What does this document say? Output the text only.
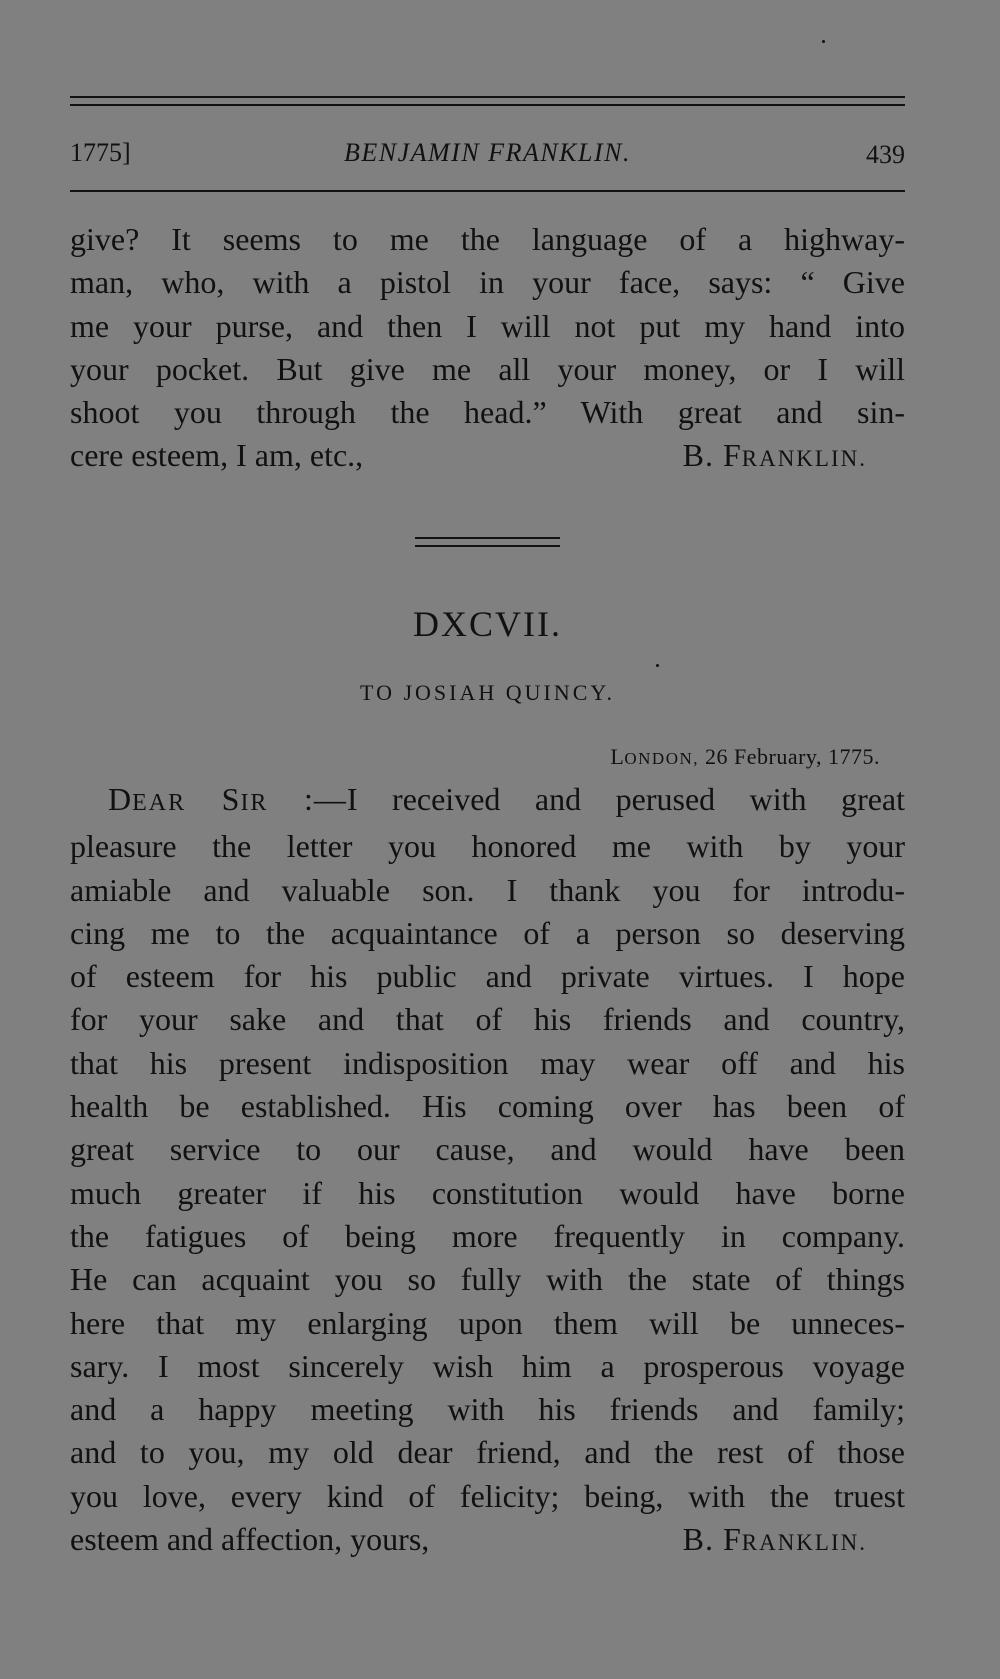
1775]	BENJAMIN FRANKLIN.	439

give? It seems to me the language of a highway-

man, who, with a pistol in your face, says: “ Give

me your purse, and then I will not put my hand into

your pocket. But give me all your money, or I will

shoot you through the head.” With great and sin-

cere esteem, I am, etc.,	B. FRANKLIN.

DXCVII.
TO JOSIAH QUINCY.
LONDON, 26 February, 1775.

DEAR SIR :—I received and perused with great

pleasure the letter you honored me with by your

amiable and valuable son. I thank you for introdu-

cing me to the acquaintance of a person so deserving

of esteem for his public and private virtues. I hope

for your sake and that of his friends and country,

that his present indisposition may wear off and his

health be established. His coming over has been of

great service to our cause, and would have been

much greater if his constitution would have borne

the fatigues of being more frequently in company.

He can acquaint you so fully with the state of things

here that my enlarging upon them will be unneces-

sary. I most sincerely wish him a prosperous voyage

and a happy meeting with his friends and family;

and to you, my old dear friend, and the rest of those

you love, every kind of felicity; being, with the truest

esteem and affection, yours,	B. FRANKLIN.
